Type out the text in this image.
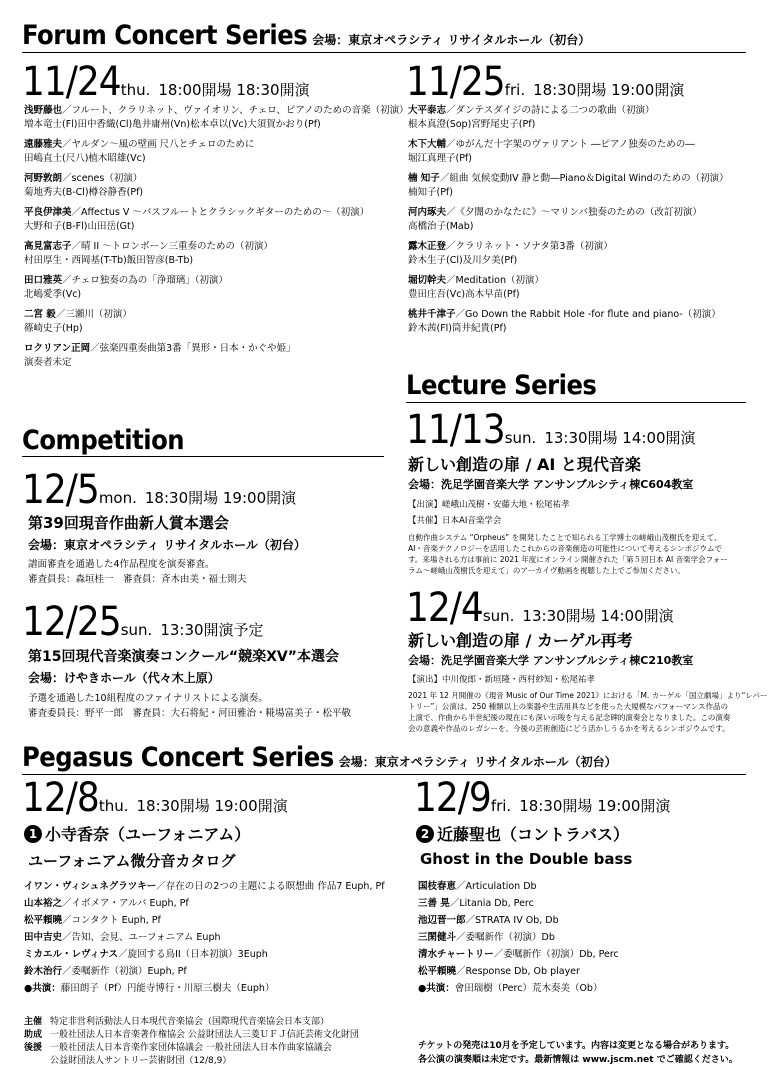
Forum Concert Series 会場：東京オペラシティ リサイタルホール（初台）
11/24thu. 18:00開場 18:30開演
浅野藤也／フルート、クラリネット、ヴァイオリン、チェロ、ピアノのための音楽（初演）
増本竜士(Fl)田中香織(Cl)亀井庸州(Vn)松本卓以(Vc)大須賀かおり(Pf)
遠藤雅夫／ヤルダン〜風の壁画 尺八とチェロのために
田嶋直士(尺八)植木昭雄(Vc)
河野敦朗／scenes（初演）
菊地秀夫(B-Cl)樽谷静香(Pf)
平良伊津美／Affectus V 〜バスフルートとクラシックギターのための〜（初演）
大野和子(B-Fl)山田岳(Gt)
高見富志子／晴 II 〜トロンボーン三重奏のための（初演）
村田厚生・西岡基(T-Tb)飯田智彦(B-Tb)
田口雅英／チェロ独奏の為の「浄瑠璃」（初演）
北嶋愛季(Vc)
二宮 毅／三瀬川（初演）
篠崎史子(Hp)
ロクリアン正岡／弦楽四重奏曲第3番「異形・日本・かぐや姫」
演奏者未定
11/25fri. 18:30開場 19:00開演
大平泰志／ダンテスダイジの詩による二つの歌曲（初演）
根本真澄(Sop)宮野尾史子(Pf)
木下大輔／ゆがんだ十字架のヴァリアント ―ピアノ独奏のための―
堀江真理子(Pf)
楠 知子／組曲 気候変動IV 静と動―Piano＆Digital Windのための（初演）
楠知子(Pf)
河内琢夫／《夕闇のかなたに》〜マリンバ独奏のための（改訂初演）
高橋治子(Mab)
露木正登／クラリネット・ソナタ第3番（初演）
鈴木生子(Cl)及川夕美(Pf)
堀切幹夫／Meditation（初演）
豊田庄吾(Vc)高木早苗(Pf)
桃井千津子／Go Down the Rabbit Hole -for flute and piano-（初演）
鈴木茜(Fl)筒井紀貴(Pf)
Competition
12/5mon. 18:30開場 19:00開演
第39回現音作曲新人賞本選会
会場：東京オペラシティ リサイタルホール（初台）
譜面審査を通過した4作品程度を演奏審査。
審査員長：森垣桂一　審査員：斉木由美・福士則夫
12/25sun. 13:30開演予定
第15回現代音楽演奏コンクール“競楽XV”本選会
会場：けやきホール（代々木上原）
予選を通過した10組程度のファイナリストによる演奏。
審査委員長：野平一郎　審査員：大石将紀・河田雅治・糀場富美子・松平敬
Lecture Series
11/13sun. 13:30開場 14:00開演
新しい創造の扉 / AI と現代音楽
会場：洗足学園音楽大学 アンサンブルシティ棟C604教室
【出演】嵯峨山茂樹・安藤大地・松尾祐孝
【共催】日本AI音楽学会
自動作曲システム “Orpheus” を開発したことで知られる工学博士の嵯峨山茂樹氏を迎えて、
AI・音楽テクノロジーを活用したこれからの音楽創造の可能性について考えるシンポジウムで
す。来場される方は事前に 2021 年度にオンライン開催された「第５回日本 AI 音楽学会フォー
ラム〜嵯峨山茂樹氏を迎えて」のアーカイヴ動画を視聴した上でご参加ください。
12/4sun. 13:30開場 14:00開演
新しい創造の扉 / カーゲル再考
会場：洗足学園音楽大学 アンサンブルシティ棟C210教室
【演出】中川俊郎・新垣隆・西村紗知・松尾祐孝
2021 年 12 月開催の《現音 Music of Our Time 2021》における「M. カーゲル「国立劇場」より“レパー
トリー”」公演は、250 種類以上の楽器や生活用具などを使った大規模なパフォーマンス作品の
上演で、作曲から半世紀後の現在にも深い示唆を与える記念碑的演奏会となりました。この演奏
会の意義や作品のレガシーを、今後の芸術創造にどう活かしうるかを考えるシンポジウムです。
Pegasus Concert Series 会場：東京オペラシティ リサイタルホール（初台）
12/8thu. 18:30開場 19:00開演
1 小寺香奈（ユーフォニアム）
ユーフォニアム微分音カタログ
イワン・ヴィシュネグラツキー／存在の日の2つの主題による瞑想曲 作品7 Euph, Pf
山本裕之／イボメア・アルバ Euph, Pf
松平頼曉／コンタクト Euph, Pf
田中吉史／告知、会見、ユーフォニアム Euph
ミカエル・レヴィナス／旋回する鳥II（日本初演）3Euph
鈴木治行／委嘱新作（初演）Euph, Pf
●共演：藤田朗子（Pf）円能寺博行・川原三樹夫（Euph）
12/9fri. 18:30開場 19:00開演
2 近藤聖也（コントラバス）
Ghost in the Double bass
国枝春恵／Articulation Db
三善 晃／Litania Db, Perc
池辺晋一郎／STRATA IV Ob, Db
三閑健斗／委嘱新作（初演）Db
清水チャートリー／委嘱新作（初演）Db, Perc
松平頼曉／Response Db, Ob player
●共演：會田瑞樹（Perc）荒木奏美（Ob）
主催 特定非営利活動法人日本現代音楽協会（国際現代音楽協会日本支部）
助成 一般社団法人日本音楽著作権協会 公益財団法人三菱ＵＦＪ信託芸術文化財団
後援 一般社団法人日本音楽作家団体協議会 一般社団法人日本作曲家協議会
公益財団法人サントリー芸術財団（12/8,9）
チケットの発売は10月を予定しています。内容は変更となる場合があります。
各公演の演奏順は未定です。最新情報は www.jscm.net でご確認ください。
